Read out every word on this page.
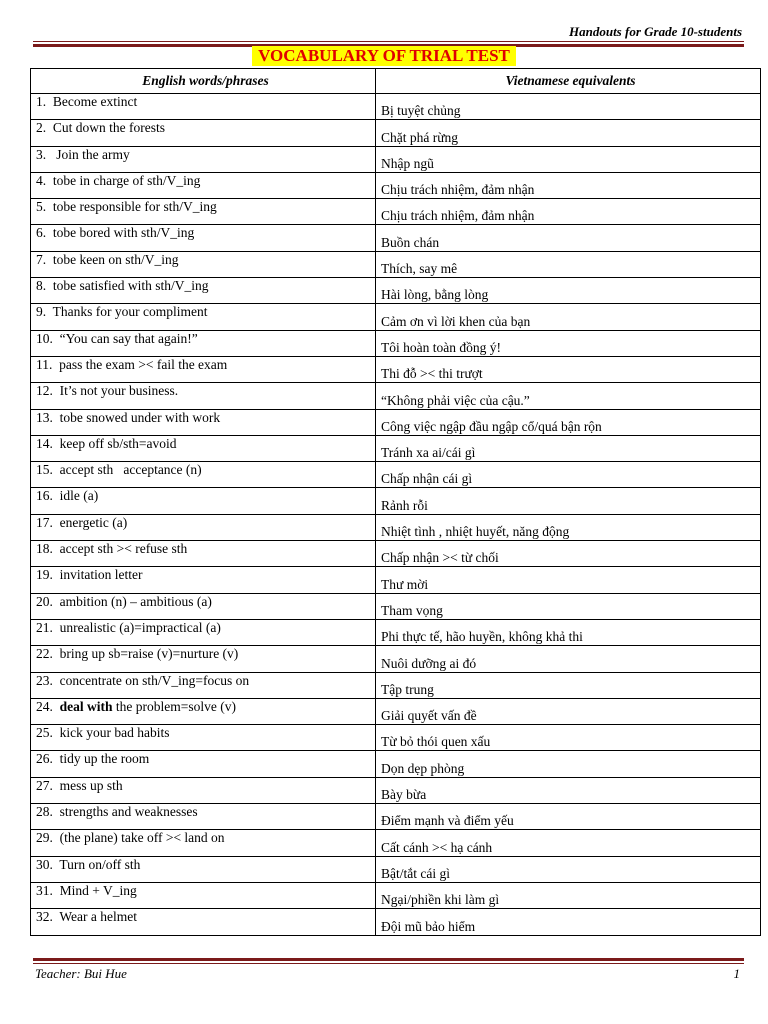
Handouts for Grade 10-students
VOCABULARY OF TRIAL TEST
English words/phrases	Vietnamese equivalents
1.  Become extinct	Bị tuyệt chủng
2.  Cut down the forests	Chặt phá rừng
3.   Join the army	Nhập ngũ
4.  tobe in charge of sth/V_ing	Chịu trách nhiệm, đảm nhận
5.  tobe responsible for sth/V_ing	Chịu trách nhiệm, đảm nhận
6.  tobe bored with sth/V_ing	Buồn chán
7.  tobe keen on sth/V_ing	Thích, say mê
8.  tobe satisfied with sth/V_ing	Hài lòng, bằng lòng
9.  Thanks for your compliment	Cảm ơn vì lời khen của bạn
10.  “You can say that again!”	Tôi hoàn toàn đồng ý!
11.  pass the exam >< fail the exam	Thi đỗ >< thi trượt
12.  It’s not your business.	“Không phải việc của cậu.”
13.  tobe snowed under with work	Công việc ngập đầu ngập cổ/quá bận rộn
14.  keep off sb/sth=avoid	Tránh xa ai/cái gì
15.  accept sth   acceptance (n)	Chấp nhận cái gì
16.  idle (a)	Rảnh rỗi
17.  energetic (a)	Nhiệt tình , nhiệt huyết, năng động
18.  accept sth >< refuse sth	Chấp nhận >< từ chối
19.  invitation letter	Thư mời
20.  ambition (n) – ambitious (a)	Tham vọng
21.  unrealistic (a)=impractical (a)	Phi thực tế, hão huyền, không khả thi
22.  bring up sb=raise (v)=nurture (v)	Nuôi dưỡng ai đó
23.  concentrate on sth/V_ing=focus on	Tập trung
24.  deal with the problem=solve (v)	Giải quyết vấn đề
25.  kick your bad habits	Từ bỏ thói quen xấu
26.  tidy up the room	Dọn dẹp phòng
27.  mess up sth	Bày bừa
28.  strengths and weaknesses	Điểm mạnh và điểm yếu
29.  (the plane) take off >< land on	Cất cánh >< hạ cánh
30.  Turn on/off sth	Bật/tắt cái gì
31.  Mind + V_ing	Ngại/phiền khi làm gì
32.  Wear a helmet	Đội mũ bảo hiểm
Teacher: Bui Hue	1
